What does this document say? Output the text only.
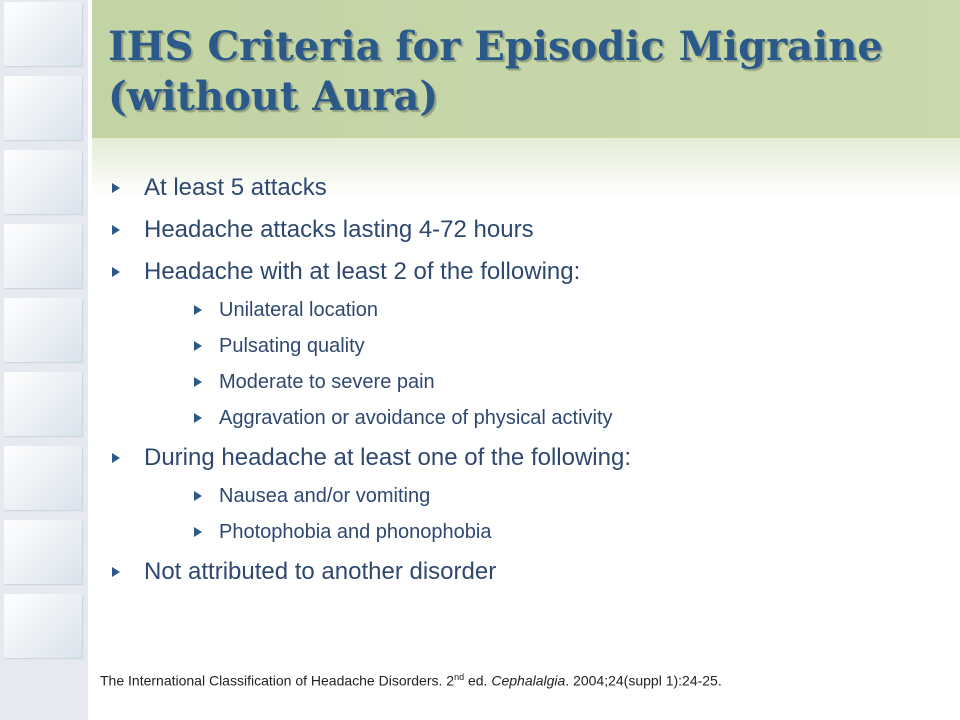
IHS Criteria for Episodic Migraine
(without Aura)
At least 5 attacks
Headache attacks lasting 4-72 hours
Headache with at least 2 of the following:
Unilateral location
Pulsating quality
Moderate to severe pain
Aggravation or avoidance of physical activity
During headache at least one of the following:
Nausea and/or vomiting
Photophobia and phonophobia
Not attributed to another disorder
The International Classification of Headache Disorders. 2nd ed. Cephalalgia. 2004;24(suppl 1):24-25.
